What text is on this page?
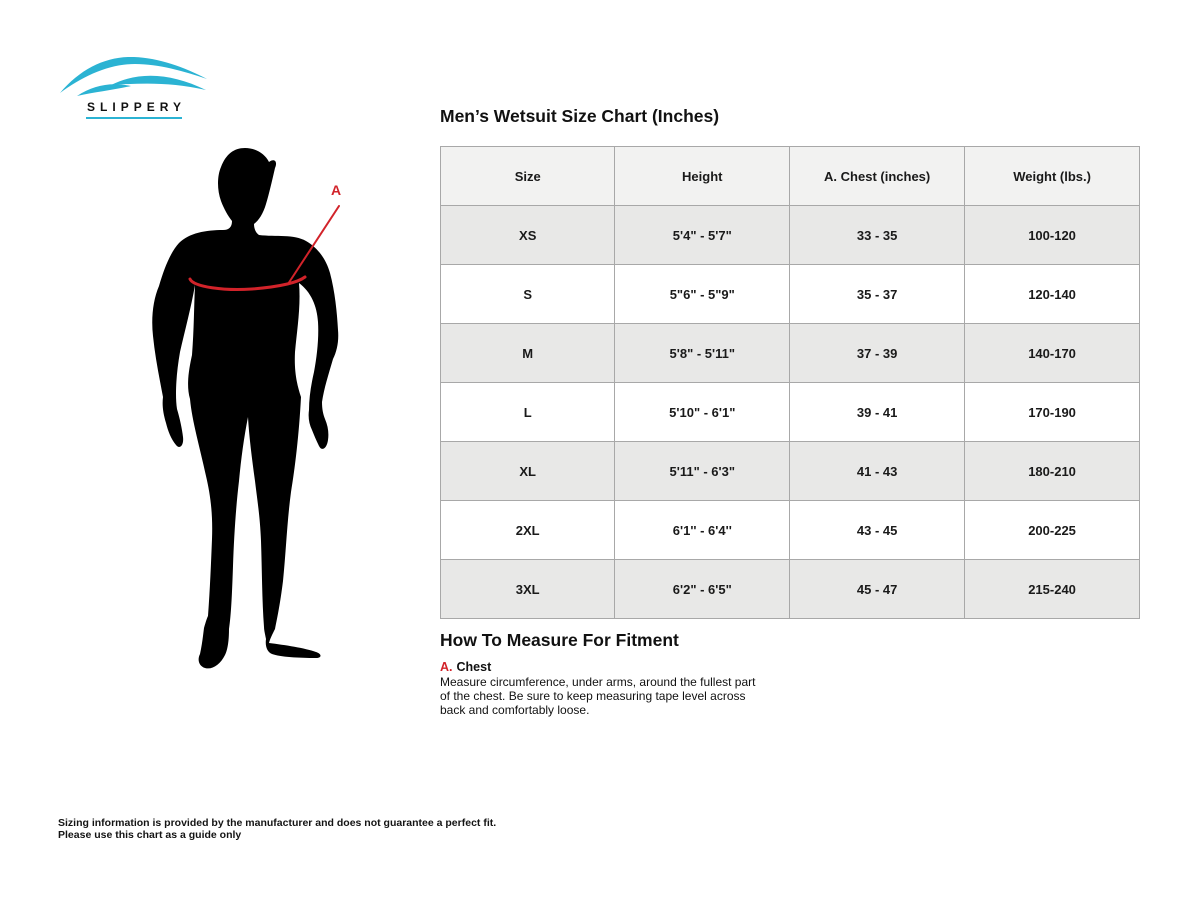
SLIPPERY
A
Men’s Wetsuit Size Chart (Inches)
Size	Height	A. Chest (inches)	Weight (lbs.)
XS	5'4" - 5'7"	33 - 35	100-120
S	5"6" - 5"9"	35 - 37	120-140
M	5'8" - 5'11"	37 - 39	140-170
L	5'10" - 6'1"	39 - 41	170-190
XL	5'11" - 6'3"	41 - 43	180-210
2XL	6'1'' - 6'4''	43 - 45	200-225
3XL	6'2" - 6'5"	45 - 47	215-240
How To Measure For Fitment
A. Chest
Measure circumference, under arms, around the fullest part
of the chest. Be sure to keep measuring tape level across
back and comfortably loose.
Sizing information is provided by the manufacturer and does not guarantee a perfect fit.
Please use this chart as a guide only
